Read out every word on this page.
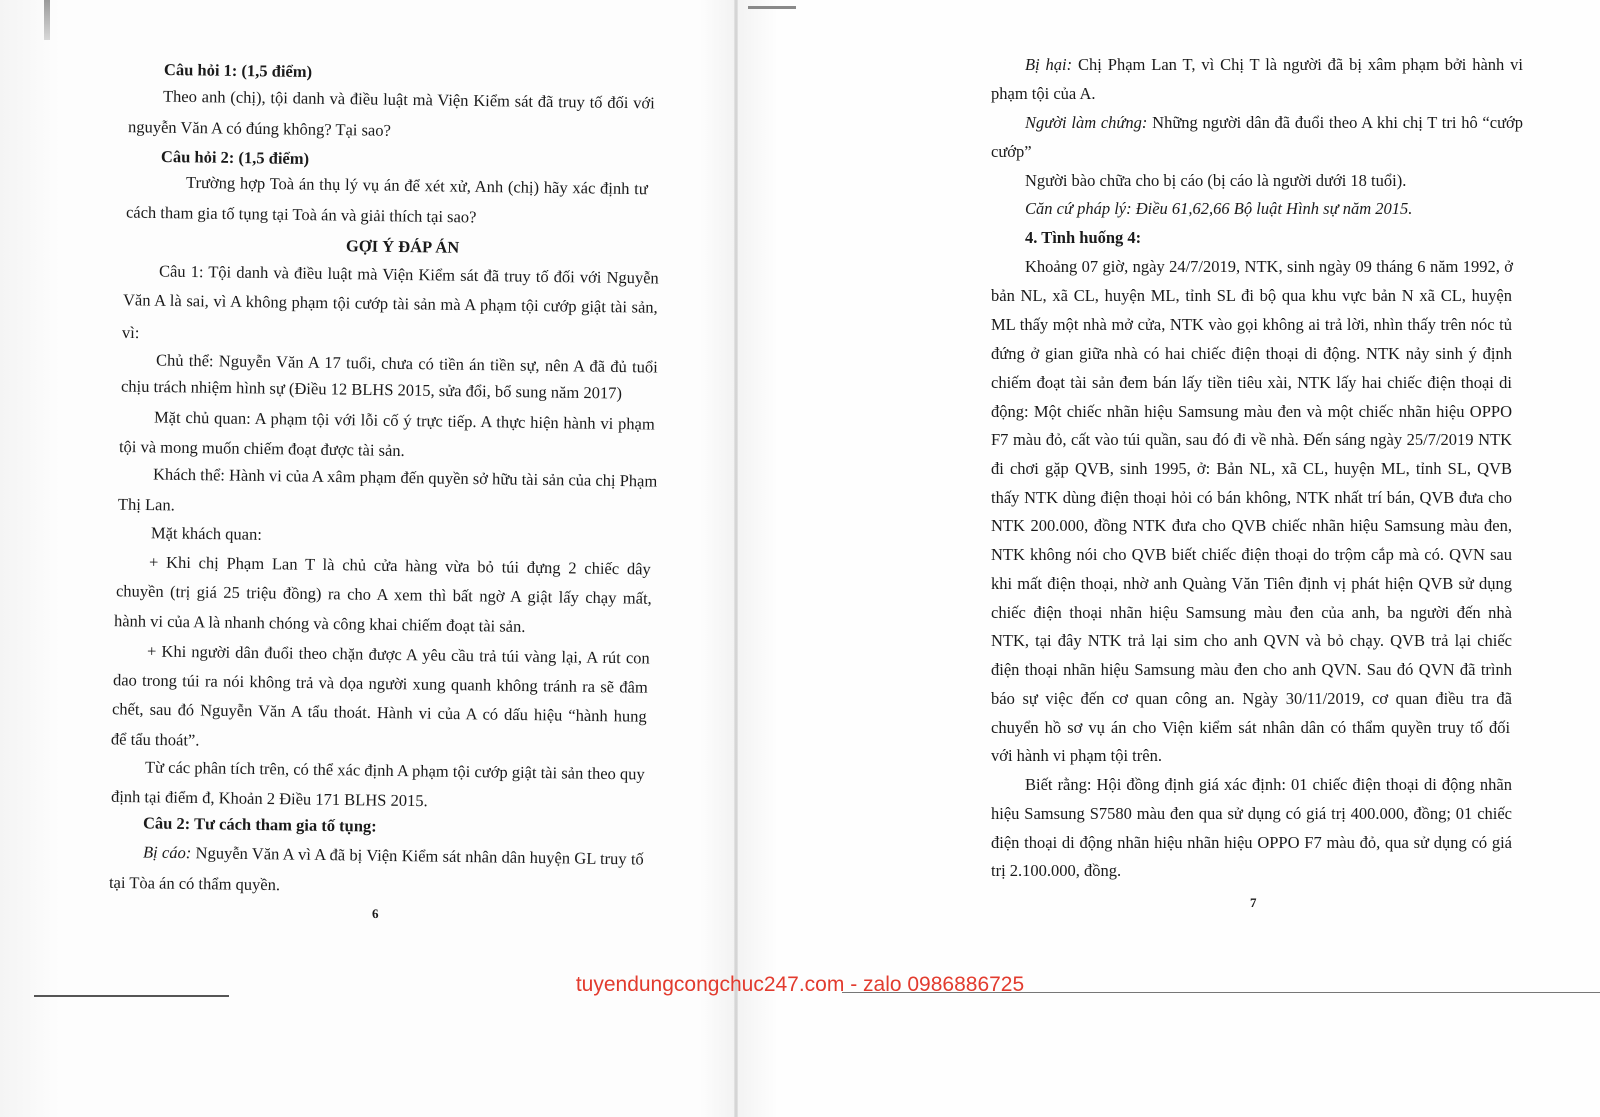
Câu hỏi 1: (1,5 điểm)
Theo anh (chị), tội danh và điều luật mà Viện Kiểm sát đã truy tố đối với
nguyễn Văn A có đúng không? Tại sao?
Câu hỏi 2: (1,5 điểm)
Trường hợp Toà án thụ lý vụ án để xét xử, Anh (chị) hãy xác định tư
cách tham gia tố tụng tại Toà án và giải thích tại sao?
GỢI Ý ĐÁP ÁN
Câu 1: Tội danh và điều luật mà Viện Kiểm sát đã truy tố đối với Nguyễn
Văn A là sai, vì A không phạm tội cướp tài sản mà A phạm tội cướp giật tài sản,
vì:
Chủ thể: Nguyễn Văn A 17 tuổi, chưa có tiền án tiền sự, nên A đã đủ tuổi
chịu trách nhiệm hình sự (Điều 12 BLHS 2015, sửa đổi, bổ sung năm 2017)
Mặt chủ quan: A phạm tội với lỗi cố ý trực tiếp. A thực hiện hành vi phạm
tội và mong muốn chiếm đoạt được tài sản.
Khách thể: Hành vi của A xâm phạm đến quyền sở hữu tài sản của chị Phạm
Thị Lan.
Mặt khách quan:
+ Khi chị Phạm Lan T là chủ cửa hàng vừa bỏ túi đựng 2 chiếc dây
chuyền (trị giá 25 triệu đồng) ra cho A xem thì bất ngờ A giật lấy chạy mất,
hành vi của A là nhanh chóng và công khai chiếm đoạt tài sản.
+ Khi người dân đuổi theo chặn được A yêu cầu trả túi vàng lại, A rút con
dao trong túi ra nói không trả và dọa người xung quanh không tránh ra sẽ đâm
chết, sau đó Nguyễn Văn A tẩu thoát. Hành vi của A có dấu hiệu “hành hung
để tẩu thoát”.
Từ các phân tích trên, có thể xác định A phạm tội cướp giật tài sản theo quy
định tại điểm đ, Khoản 2 Điều 171 BLHS 2015.
Câu 2: Tư cách tham gia tố tụng:
Bị cáo: Nguyễn Văn A vì A đã bị Viện Kiểm sát nhân dân huyện GL truy tố
tại Tòa án có thẩm quyền.
Bị hại: Chị Phạm Lan T, vì Chị T là người đã bị xâm phạm bởi hành vi
phạm tội của A.
Người làm chứng: Những người dân đã đuổi theo A khi chị T tri hô “cướp
cướp”
Người bào chữa cho bị cáo (bị cáo là người dưới 18 tuổi).
Căn cứ pháp lý: Điều 61,62,66 Bộ luật Hình sự năm 2015.
4. Tình huống 4:
Khoảng 07 giờ, ngày 24/7/2019, NTK, sinh ngày 09 tháng 6 năm 1992, ở
bản NL, xã CL, huyện ML, tỉnh SL đi bộ qua khu vực bản N xã CL, huyện
ML thấy một nhà mở cửa, NTK vào gọi không ai trả lời, nhìn thấy trên nóc tủ
đứng ở gian giữa nhà có hai chiếc điện thoại di động. NTK nảy sinh ý định
chiếm đoạt tài sản đem bán lấy tiền tiêu xài, NTK lấy hai chiếc điện thoại di
động: Một chiếc nhãn hiệu Samsung màu đen và một chiếc nhãn hiệu OPPO
F7 màu đỏ, cất vào túi quần, sau đó đi về nhà. Đến sáng ngày 25/7/2019 NTK
đi chơi gặp QVB, sinh 1995, ở: Bản NL, xã CL, huyện ML, tỉnh SL, QVB
thấy NTK dùng điện thoại hỏi có bán không, NTK nhất trí bán, QVB đưa cho
NTK 200.000, đồng NTK đưa cho QVB chiếc nhãn hiệu Samsung màu đen,
NTK không nói cho QVB biết chiếc điện thoại do trộm cắp mà có. QVN sau
khi mất điện thoại, nhờ anh Quàng Văn Tiên định vị phát hiện QVB sử dụng
chiếc điện thoại nhãn hiệu Samsung màu đen của anh, ba người đến nhà
NTK, tại đây NTK trả lại sim cho anh QVN và bỏ chạy. QVB trả lại chiếc
điện thoại nhãn hiệu Samsung màu đen cho anh QVN. Sau đó QVN đã trình
báo sự việc đến cơ quan công an. Ngày 30/11/2019, cơ quan điều tra đã
chuyển hồ sơ vụ án cho Viện kiểm sát nhân dân có thẩm quyền truy tố đối
với hành vi phạm tội trên.
Biết rằng: Hội đồng định giá xác định: 01 chiếc điện thoại di động nhãn
hiệu Samsung S7580 màu đen qua sử dụng có giá trị 400.000, đồng; 01 chiếc
điện thoại di động nhãn hiệu nhãn hiệu OPPO F7 màu đỏ, qua sử dụng có giá
trị 2.100.000, đồng.
6
7
tuyendungcongchuc247.com - zalo 0986886725
